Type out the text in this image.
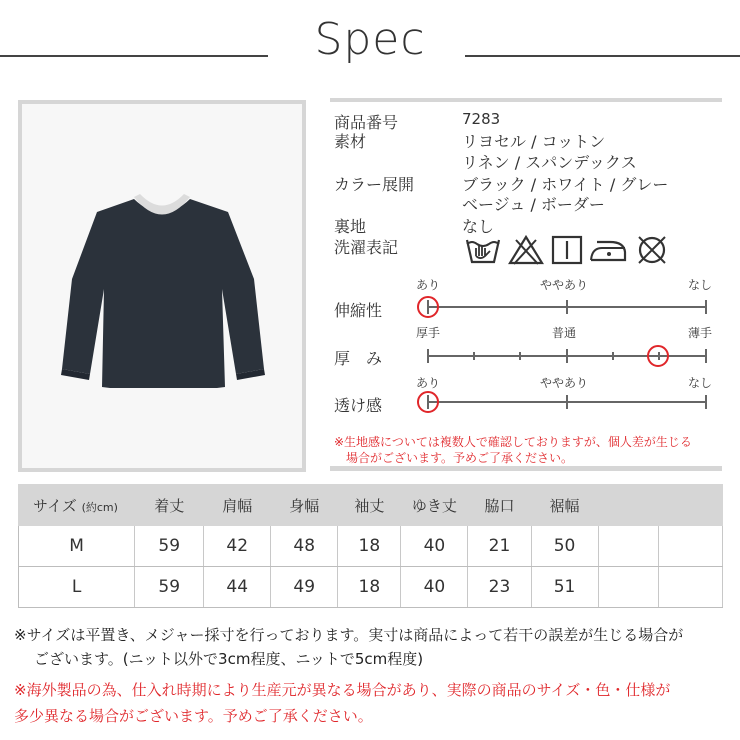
Spec
商品番号	7283
素材	リヨセル / コットン
リネン / スパンデックス
カラー展開	ブラック / ホワイト / グレー
ベージュ / ボーダー
裏地	なし
洗濯表記
あり	ややあり	なし
伸縮性
厚手	普通	薄手
厚　み
あり	ややあり	なし
透け感
※生地感については複数人で確認しておりますが、個人差が生じる
場合がございます。予めご了承ください。
サイズ (約cm)	着丈	肩幅	身幅	袖丈	ゆき丈	脇口	裾幅		
M	59	42	48	18	40	21	50		
L	59	44	49	18	40	23	51		
※サイズは平置き、メジャー採寸を行っております。実寸は商品によって若干の誤差が生じる場合が
ございます。(ニット以外で3cm程度、ニットで5cm程度)
※海外製品の為、仕入れ時期により生産元が異なる場合があり、実際の商品のサイズ・色・仕様が
多少異なる場合がございます。予めご了承ください。
